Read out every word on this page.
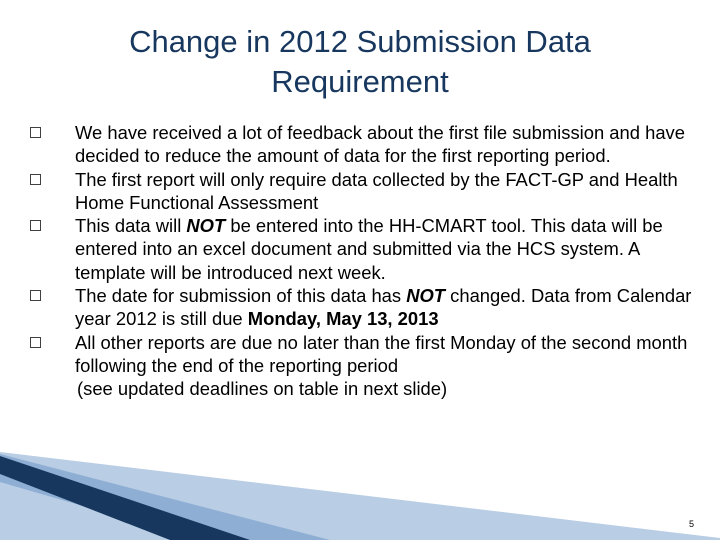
Change in 2012 Submission Data Requirement
We have received a lot of feedback about the first file submission and have decided to reduce the amount of data for the first reporting period.
The first report will only require data collected by the FACT-GP and Health Home Functional Assessment
This data will NOT be entered into the HH-CMART tool. This data will be entered into an excel document and submitted via the HCS system. A template will be introduced next week.
The date for submission of this data has NOT changed. Data from Calendar year 2012 is still due Monday, May 13, 2013
All other reports are due no later than the first Monday of the second month following the end of the reporting period
(see updated deadlines on table in next slide)
5
